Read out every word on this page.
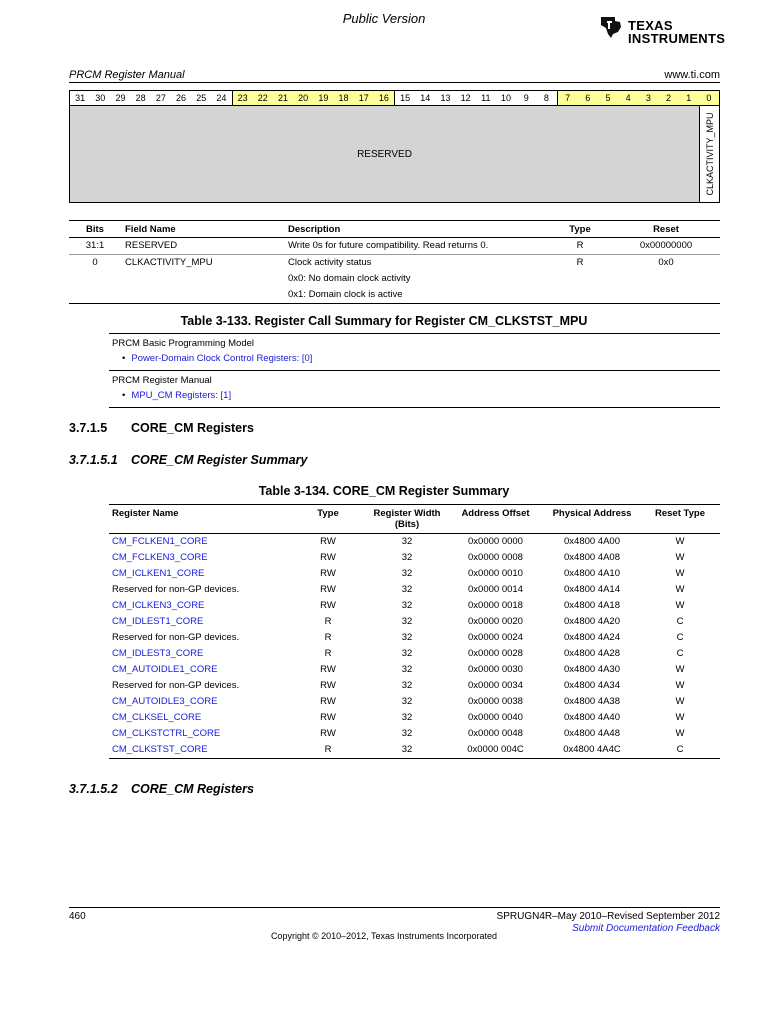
Public Version	TEXAS
INSTRUMENTS
PRCM Register Manual	www.ti.com
31	30	29	28	27	26	25	24	23	22	21	20	19	18	17	16	15	14	13	12	11	10	9	8	7	6	5	4	3	2	1	0
RESERVED	CLKACTIVITY_MPU
Bits	Field Name	Description	Type	Reset
31:1	RESERVED	Write 0s for future compatibility. Read returns 0.	R	0x00000000
0	CLKACTIVITY_MPU	Clock activity status	R	0x0
		0x0: No domain clock activity		
		0x1: Domain clock is active		
Table 3-133. Register Call Summary for Register CM_CLKSTST_MPU
PRCM Basic Programming Model
• Power-Domain Clock Control Registers: [0]
PRCM Register Manual
• MPU_CM Registers: [1]
3.7.1.5 CORE_CM Registers
3.7.1.5.1 CORE_CM Register Summary
Table 3-134. CORE_CM Register Summary
Register Name	Type	Register Width
(Bits)	Address Offset	Physical Address	Reset Type
CM_FCLKEN1_CORE	RW	32	0x0000 0000	0x4800 4A00	W
CM_FCLKEN3_CORE	RW	32	0x0000 0008	0x4800 4A08	W
CM_ICLKEN1_CORE	RW	32	0x0000 0010	0x4800 4A10	W
Reserved for non-GP devices.	RW	32	0x0000 0014	0x4800 4A14	W
CM_ICLKEN3_CORE	RW	32	0x0000 0018	0x4800 4A18	W
CM_IDLEST1_CORE	R	32	0x0000 0020	0x4800 4A20	C
Reserved for non-GP devices.	R	32	0x0000 0024	0x4800 4A24	C
CM_IDLEST3_CORE	R	32	0x0000 0028	0x4800 4A28	C
CM_AUTOIDLE1_CORE	RW	32	0x0000 0030	0x4800 4A30	W
Reserved for non-GP devices.	RW	32	0x0000 0034	0x4800 4A34	W
CM_AUTOIDLE3_CORE	RW	32	0x0000 0038	0x4800 4A38	W
CM_CLKSEL_CORE	RW	32	0x0000 0040	0x4800 4A40	W
CM_CLKSTCTRL_CORE	RW	32	0x0000 0048	0x4800 4A48	W
CM_CLKSTST_CORE	R	32	0x0000 004C	0x4800 4A4C	C
3.7.1.5.2 CORE_CM Registers
460	SPRUGN4R–May 2010–Revised September 2012
Submit Documentation Feedback
Copyright © 2010–2012, Texas Instruments Incorporated
